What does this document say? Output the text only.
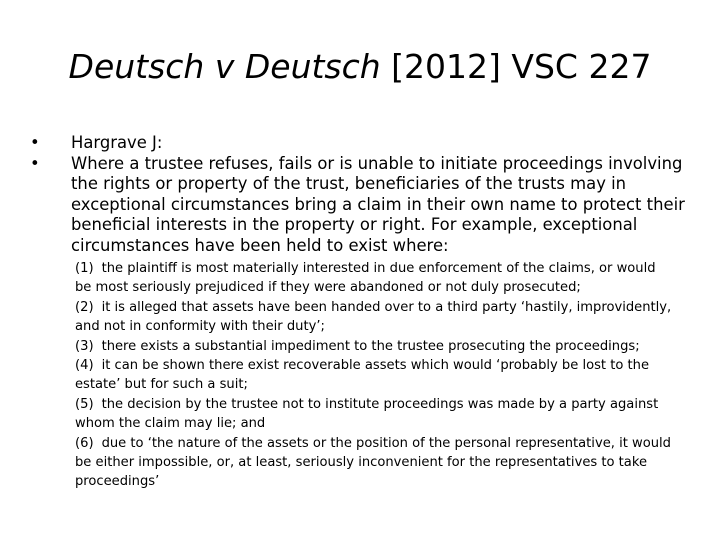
Deutsch v Deutsch [2012] VSC 227
•	Hargrave J:
•	Where a trustee refuses, fails or is unable to initiate proceedings involving the rights or property of the trust, beneficiaries of the trusts may in exceptional circumstances bring a claim in their own name to protect their beneficial interests in the property or right. For example, exceptional circumstances have been held to exist where:
(1) the plaintiff is most materially interested in due enforcement of the claims, or would be most seriously prejudiced if they were abandoned or not duly prosecuted;
(2) it is alleged that assets have been handed over to a third party ‘hastily, improvidently, and not in conformity with their duty’;
(3) there exists a substantial impediment to the trustee prosecuting the proceedings;
(4) it can be shown there exist recoverable assets which would ‘probably be lost to the estate’ but for such a suit;
(5) the decision by the trustee not to institute proceedings was made by a party against whom the claim may lie; and
(6) due to ‘the nature of the assets or the position of the personal representative, it would be either impossible, or, at least, seriously inconvenient for the representatives to take proceedings’
